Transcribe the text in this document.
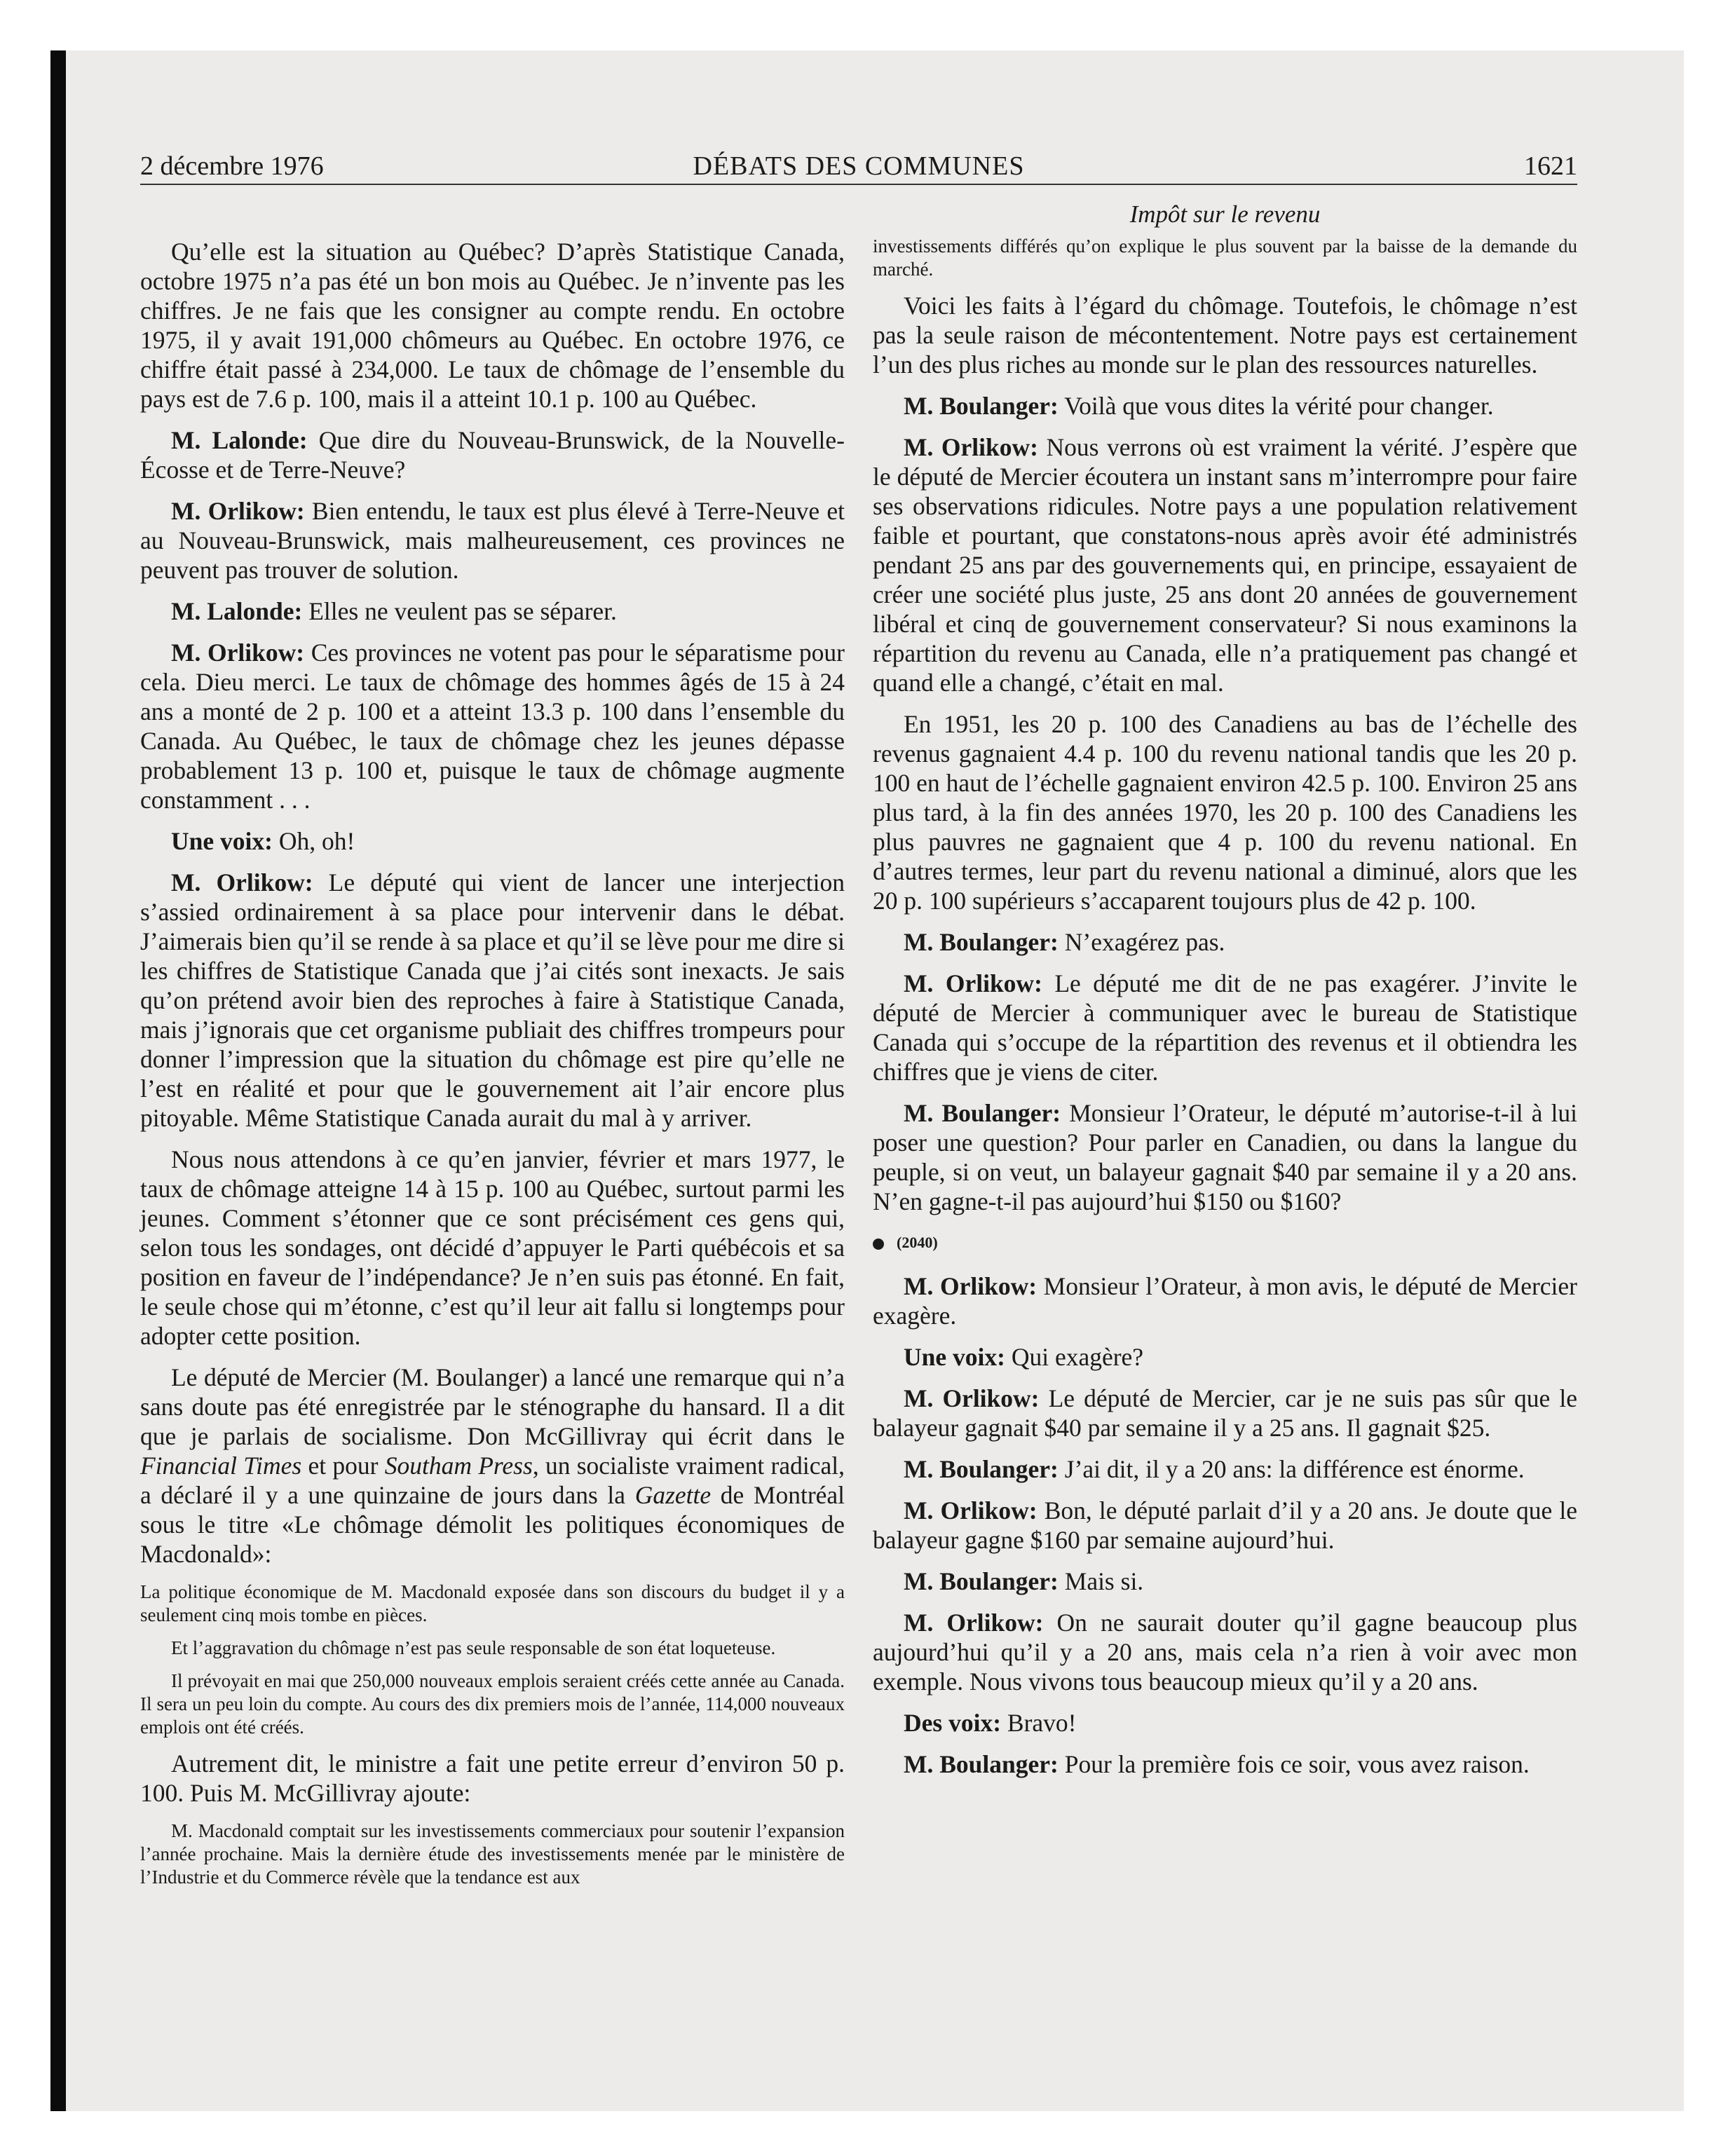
2 décembre 1976	DÉBATS DES COMMUNES	1621

Qu’elle est la situation au Québec? D’après Statistique Canada, octobre 1975 n’a pas été un bon mois au Québec. Je n’invente pas les chiffres. Je ne fais que les consigner au compte rendu. En octobre 1975, il y avait 191,000 chômeurs au Québec. En octobre 1976, ce chiffre était passé à 234,000. Le taux de chômage de l’ensemble du pays est de 7.6 p. 100, mais il a atteint 10.1 p. 100 au Québec.

M. Lalonde: Que dire du Nouveau-Brunswick, de la Nouvelle-Écosse et de Terre-Neuve?

M. Orlikow: Bien entendu, le taux est plus élevé à Terre-Neuve et au Nouveau-Brunswick, mais malheureusement, ces provinces ne peuvent pas trouver de solution.

M. Lalonde: Elles ne veulent pas se séparer.

M. Orlikow: Ces provinces ne votent pas pour le séparatisme pour cela. Dieu merci. Le taux de chômage des hommes âgés de 15 à 24 ans a monté de 2 p. 100 et a atteint 13.3 p. 100 dans l’ensemble du Canada. Au Québec, le taux de chômage chez les jeunes dépasse probablement 13 p. 100 et, puisque le taux de chômage augmente constamment . . .

Une voix: Oh, oh!

M. Orlikow: Le député qui vient de lancer une interjection s’assied ordinairement à sa place pour intervenir dans le débat. J’aimerais bien qu’il se rende à sa place et qu’il se lève pour me dire si les chiffres de Statistique Canada que j’ai cités sont inexacts. Je sais qu’on prétend avoir bien des reproches à faire à Statistique Canada, mais j’ignorais que cet organisme publiait des chiffres trompeurs pour donner l’impression que la situation du chômage est pire qu’elle ne l’est en réalité et pour que le gouvernement ait l’air encore plus pitoyable. Même Statistique Canada aurait du mal à y arriver.

Nous nous attendons à ce qu’en janvier, février et mars 1977, le taux de chômage atteigne 14 à 15 p. 100 au Québec, surtout parmi les jeunes. Comment s’étonner que ce sont précisément ces gens qui, selon tous les sondages, ont décidé d’appuyer le Parti québécois et sa position en faveur de l’indépendance? Je n’en suis pas étonné. En fait, le seule chose qui m’étonne, c’est qu’il leur ait fallu si longtemps pour adopter cette position.

Le député de Mercier (M. Boulanger) a lancé une remarque qui n’a sans doute pas été enregistrée par le sténographe du hansard. Il a dit que je parlais de socialisme. Don McGillivray qui écrit dans le Financial Times et pour Southam Press, un socialiste vraiment radical, a déclaré il y a une quinzaine de jours dans la Gazette de Montréal sous le titre «Le chômage démolit les politiques économiques de Macdonald»:

La politique économique de M. Macdonald exposée dans son discours du budget il y a seulement cinq mois tombe en pièces.
Et l’aggravation du chômage n’est pas seule responsable de son état loqueteuse.
Il prévoyait en mai que 250,000 nouveaux emplois seraient créés cette année au Canada. Il sera un peu loin du compte. Au cours des dix premiers mois de l’année, 114,000 nouveaux emplois ont été créés.

Autrement dit, le ministre a fait une petite erreur d’environ 50 p. 100. Puis M. McGillivray ajoute:

M. Macdonald comptait sur les investissements commerciaux pour soutenir l’expansion l’année prochaine. Mais la dernière étude des investissements menée par le ministère de l’Industrie et du Commerce révèle que la tendance est aux
Impôt sur le revenu
investissements différés qu’on explique le plus souvent par la baisse de la demande du marché.

Voici les faits à l’égard du chômage. Toutefois, le chômage n’est pas la seule raison de mécontentement. Notre pays est certainement l’un des plus riches au monde sur le plan des ressources naturelles.

M. Boulanger: Voilà que vous dites la vérité pour changer.

M. Orlikow: Nous verrons où est vraiment la vérité. J’espère que le député de Mercier écoutera un instant sans m’interrompre pour faire ses observations ridicules. Notre pays a une population relativement faible et pourtant, que constatons-nous après avoir été administrés pendant 25 ans par des gouvernements qui, en principe, essayaient de créer une société plus juste, 25 ans dont 20 années de gouvernement libéral et cinq de gouvernement conservateur? Si nous examinons la répartition du revenu au Canada, elle n’a pratiquement pas changé et quand elle a changé, c’était en mal.

En 1951, les 20 p. 100 des Canadiens au bas de l’échelle des revenus gagnaient 4.4 p. 100 du revenu national tandis que les 20 p. 100 en haut de l’échelle gagnaient environ 42.5 p. 100. Environ 25 ans plus tard, à la fin des années 1970, les 20 p. 100 des Canadiens les plus pauvres ne gagnaient que 4 p. 100 du revenu national. En d’autres termes, leur part du revenu national a diminué, alors que les 20 p. 100 supérieurs s’accaparent toujours plus de 42 p. 100.

M. Boulanger: N’exagérez pas.

M. Orlikow: Le député me dit de ne pas exagérer. J’invite le député de Mercier à communiquer avec le bureau de Statistique Canada qui s’occupe de la répartition des revenus et il obtiendra les chiffres que je viens de citer.

M. Boulanger: Monsieur l’Orateur, le député m’autorise-t-il à lui poser une question? Pour parler en Canadien, ou dans la langue du peuple, si on veut, un balayeur gagnait $40 par semaine il y a 20 ans. N’en gagne-t-il pas aujourd’hui $150 ou $160?

(2040)

M. Orlikow: Monsieur l’Orateur, à mon avis, le député de Mercier exagère.

Une voix: Qui exagère?

M. Orlikow: Le député de Mercier, car je ne suis pas sûr que le balayeur gagnait $40 par semaine il y a 25 ans. Il gagnait $25.

M. Boulanger: J’ai dit, il y a 20 ans: la différence est énorme.

M. Orlikow: Bon, le député parlait d’il y a 20 ans. Je doute que le balayeur gagne $160 par semaine aujourd’hui.

M. Boulanger: Mais si.

M. Orlikow: On ne saurait douter qu’il gagne beaucoup plus aujourd’hui qu’il y a 20 ans, mais cela n’a rien à voir avec mon exemple. Nous vivons tous beaucoup mieux qu’il y a 20 ans.

Des voix: Bravo!

M. Boulanger: Pour la première fois ce soir, vous avez raison.
